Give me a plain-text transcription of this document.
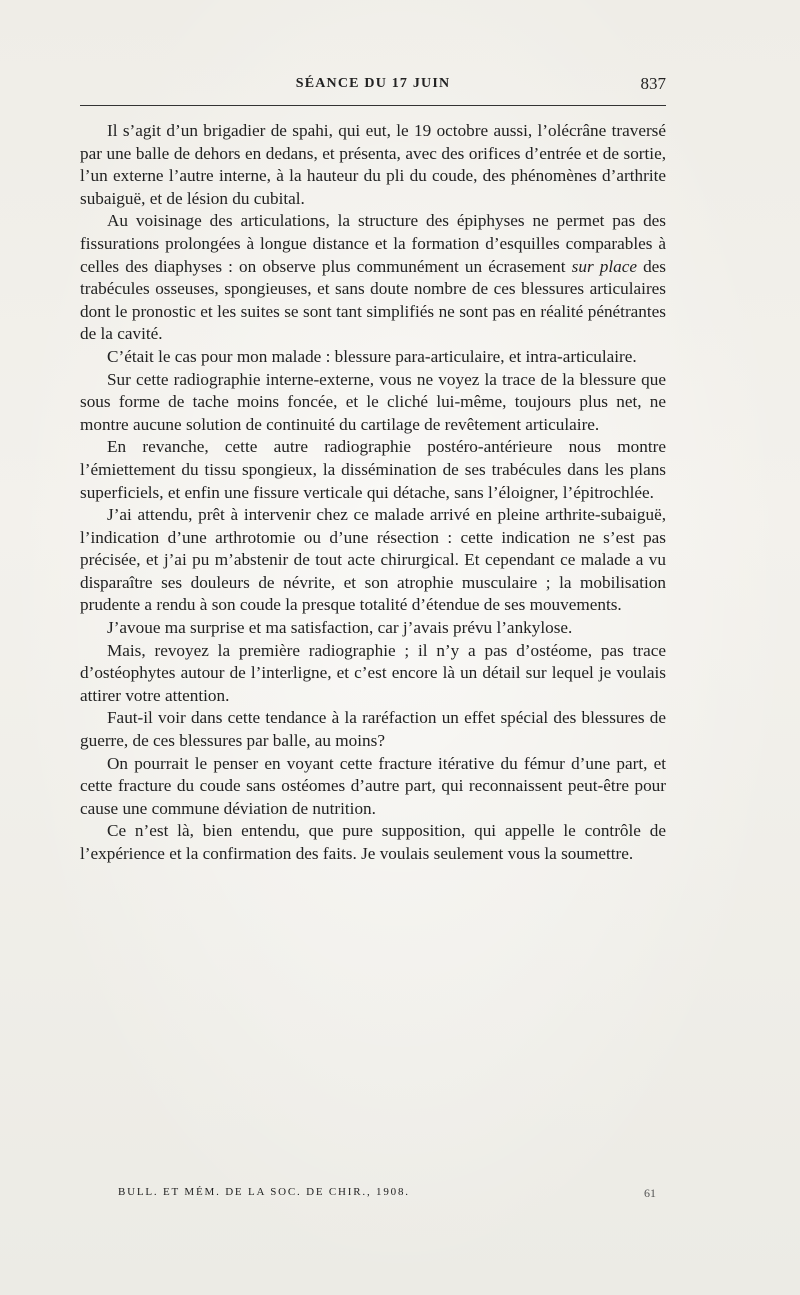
SÉANCE DU 17 JUIN	837

Il s’agit d’un brigadier de spahi, qui eut, le 19 octobre aussi, l’olécrâne traversé par une balle de dehors en dedans, et présenta, avec des orifices d’entrée et de sortie, l’un externe l’autre interne, à la hauteur du pli du coude, des phénomènes d’arthrite subaiguë, et de lésion du cubital.

Au voisinage des articulations, la structure des épiphyses ne permet pas des fissurations prolongées à longue distance et la formation d’esquilles comparables à celles des diaphyses : on observe plus communément un écrasement sur place des trabécules osseuses, spongieuses, et sans doute nombre de ces blessures articulaires dont le pronostic et les suites se sont tant simplifiés ne sont pas en réalité pénétrantes de la cavité.

C’était le cas pour mon malade : blessure para-articulaire, et intra-articulaire.

Sur cette radiographie interne-externe, vous ne voyez la trace de la blessure que sous forme de tache moins foncée, et le cliché lui-même, toujours plus net, ne montre aucune solution de continuité du cartilage de revêtement articulaire.

En revanche, cette autre radiographie postéro-antérieure nous montre l’émiettement du tissu spongieux, la dissémination de ses trabécules dans les plans superficiels, et enfin une fissure verticale qui détache, sans l’éloigner, l’épitrochlée.

J’ai attendu, prêt à intervenir chez ce malade arrivé en pleine arthrite-subaiguë, l’indication d’une arthrotomie ou d’une résection : cette indication ne s’est pas précisée, et j’ai pu m’abstenir de tout acte chirurgical. Et cependant ce malade a vu disparaître ses douleurs de névrite, et son atrophie musculaire ; la mobilisation prudente a rendu à son coude la presque totalité d’étendue de ses mouvements.

J’avoue ma surprise et ma satisfaction, car j’avais prévu l’ankylose.

Mais, revoyez la première radiographie ; il n’y a pas d’ostéome, pas trace d’ostéophytes autour de l’interligne, et c’est encore là un détail sur lequel je voulais attirer votre attention.

Faut-il voir dans cette tendance à la raréfaction un effet spécial des blessures de guerre, de ces blessures par balle, au moins?

On pourrait le penser en voyant cette fracture itérative du fémur d’une part, et cette fracture du coude sans ostéomes d’autre part, qui reconnaissent peut-être pour cause une commune déviation de nutrition.

Ce n’est là, bien entendu, que pure supposition, qui appelle le contrôle de l’expérience et la confirmation des faits. Je voulais seulement vous la soumettre.

BULL. ET MÉM. DE LA SOC. DE CHIR., 1908.	61
